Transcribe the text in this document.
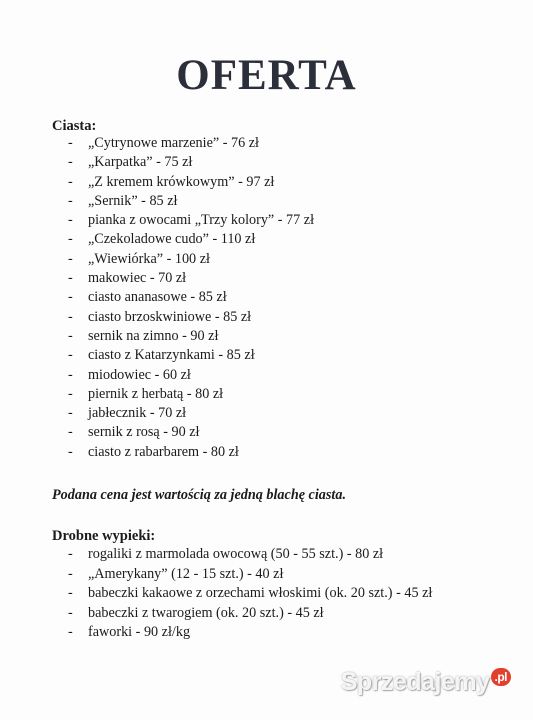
OFERTA
Ciasta:
- „Cytrynowe marzenie” - 76 zł
- „Karpatka” - 75 zł
- „Z kremem krówkowym” - 97 zł
- „Sernik” - 85 zł
- pianka z owocami „Trzy kolory” - 77 zł
- „Czekoladowe cudo” - 110 zł
- „Wiewiórka” - 100 zł
- makowiec - 70 zł
- ciasto ananasowe - 85 zł
- ciasto brzoskwiniowe - 85 zł
- sernik na zimno - 90 zł
- ciasto z Katarzynkami - 85 zł
- miodowiec - 60 zł
- piernik z herbatą - 80 zł
- jabłecznik - 70 zł
- sernik z rosą - 90 zł
- ciasto z rabarbarem - 80 zł
Podana cena jest wartością za jedną blachę ciasta.
Drobne wypieki:
- rogaliki z marmolada owocową (50 - 55 szt.) - 80 zł
- „Amerykany” (12 - 15 szt.) - 40 zł
- babeczki kakaowe z orzechami włoskimi (ok. 20 szt.) - 45 zł
- babeczki z twarogiem (ok. 20 szt.) - 45 zł
- faworki - 90 zł/kg
Sprzedajemy .pl
